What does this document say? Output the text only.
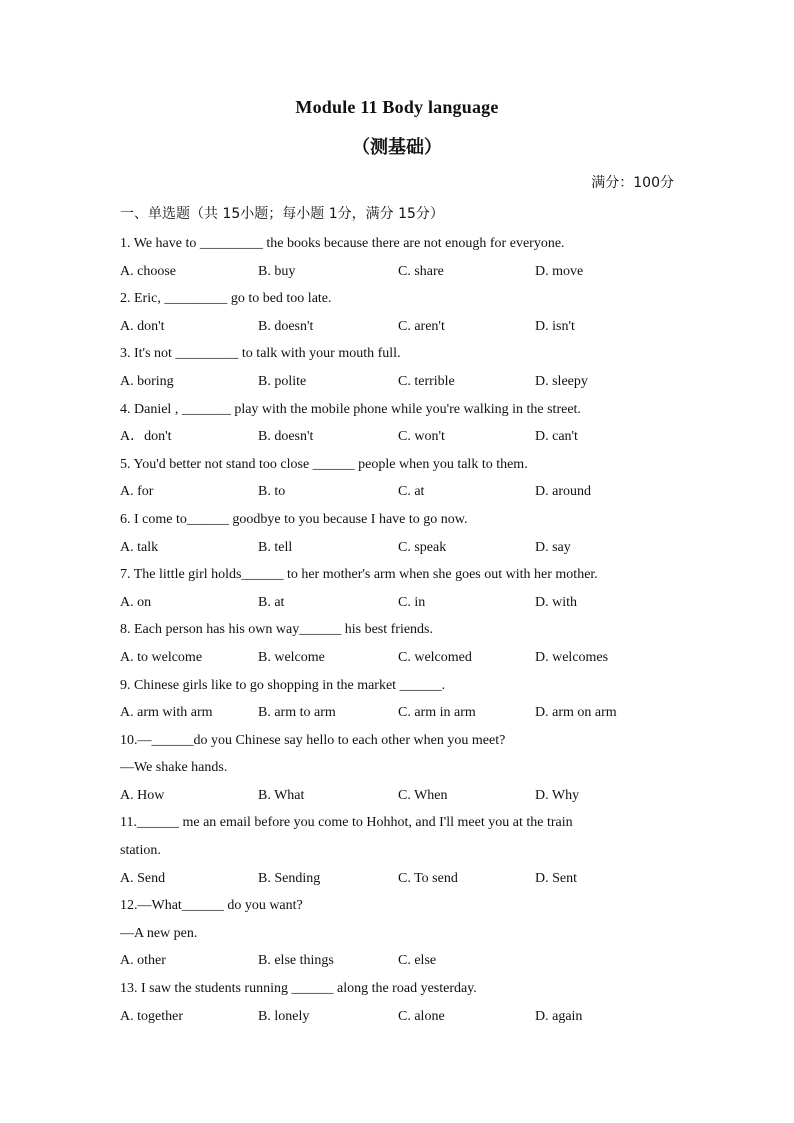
Module 11 Body language
（测基础）
满分：100分
一、单选题（共 15小题；每小题 1分，满分 15分）
1. We have to _________ the books because there are not enough for everyone.
A. choose	B. buy	C. share	D. move
2. Eric, _________ go to bed too late.
A. don't	B. doesn't	C. aren't	D. isn't
3. It's not _________ to talk with your mouth full.
A. boring	B. polite	C. terrible	D. sleepy
4. Daniel , _______ play with the mobile phone while you're walking in the street.
A．don't	B. doesn't	C. won't	D. can't
5. You'd better not stand too close ______ people when you talk to them.
A. for	B. to	C. at	D. around
6. I come to______ goodbye to you because I have to go now.
A. talk	B. tell	C. speak	D. say
7. The little girl holds______ to her mother's arm when she goes out with her mother.
A. on	B. at	C. in	D. with
8. Each person has his own way______ his best friends.
A. to welcome	B. welcome	C. welcomed	D. welcomes
9. Chinese girls like to go shopping in the market ______.
A. arm with arm	B. arm to arm	C. arm in arm	D. arm on arm
10.—______do you Chinese say hello to each other when you meet?
—We shake hands.
A. How	B. What	C. When	D. Why
11.______ me an email before you come to Hohhot, and I'll meet you at the train
station.
A. Send	B. Sending	C. To send	D. Sent
12.—What______ do you want?
—A new pen.
A. other	B. else things	C. else
13. I saw the students running ______ along the road yesterday.
A. together	B. lonely	C. alone	D. again
